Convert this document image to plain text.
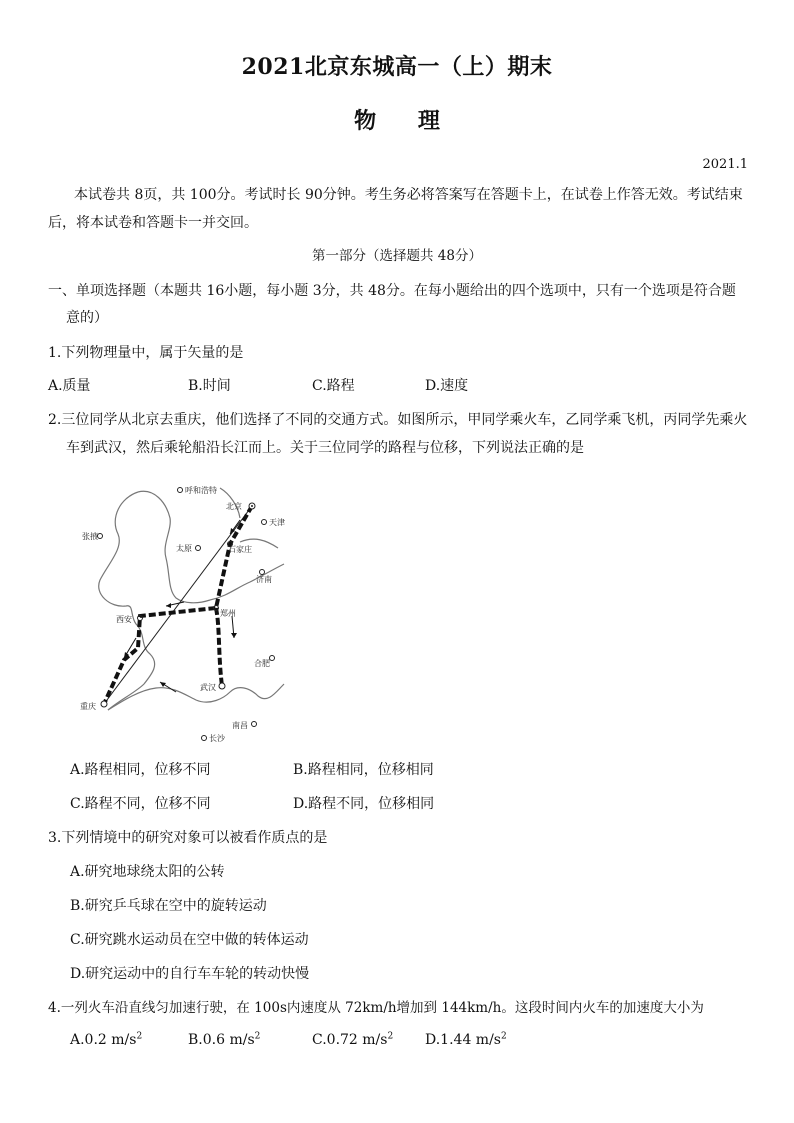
2021北京东城高一（上）期末
物 理
2021.1
本试卷共 8页，共 100分。考试时长 90分钟。考生务必将答案写在答题卡上，在试卷上作答无效。考试结束
后，将本试卷和答题卡一并交回。
第一部分（选择题共 48分）
一、单项选择题（本题共 16小题，每小题 3分，共 48分。在每小题给出的四个选项中，只有一个选项是符合题
意的）
1.下列物理量中，属于矢量的是
A.质量	B.时间	C.路程	D.速度
2.三位同学从北京去重庆，他们选择了不同的交通方式。如图所示，甲同学乘火车，乙同学乘飞机，丙同学先乘火
车到武汉，然后乘轮船沿长江而上。关于三位同学的路程与位移，下列说法正确的是
呼和浩特
北京
天津
张掖
太原	石家庄
济南
西安
郑州
合肥
武汉
重庆
南昌
长沙
A.路程相同，位移不同	B.路程相同，位移相同
C.路程不同，位移不同	D.路程不同，位移相同
3.下列情境中的研究对象可以被看作质点的是
A.研究地球绕太阳的公转
B.研究乒乓球在空中的旋转运动
C.研究跳水运动员在空中做的转体运动
D.研究运动中的自行车车轮的转动快慢
4.一列火车沿直线匀加速行驶，在 100s内速度从 72km/h增加到 144km/h。这段时间内火车的加速度大小为
A.0.2 $m/s^2$	B.0.6 $m/s^2$	C.0.72 $m/s^2$ D.1.44 $m/s^2$
